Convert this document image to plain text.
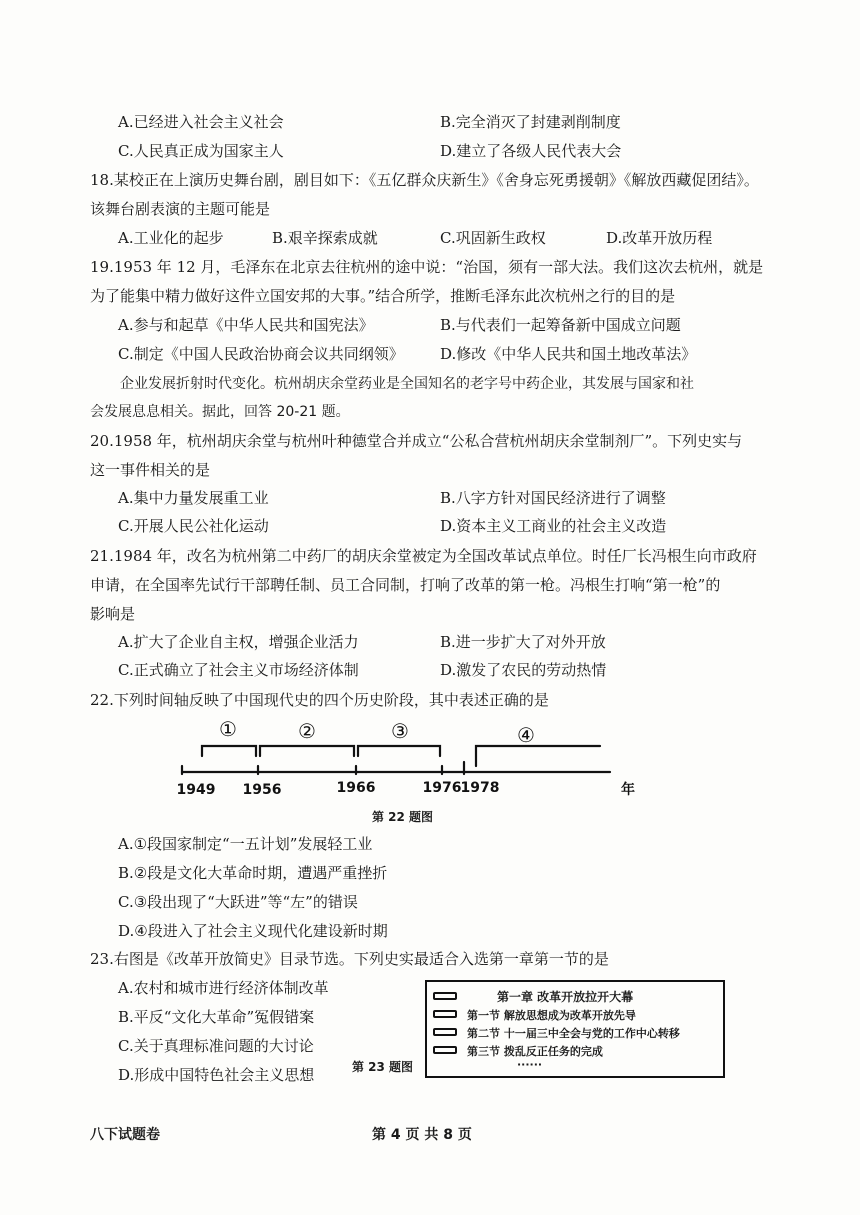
A.已经进入社会主义社会	B.完全消灭了封建剥削制度
C.人民真正成为国家主人	D.建立了各级人民代表大会
18.某校正在上演历史舞台剧，剧目如下：《五亿群众庆新生》《舍身忘死勇援朝》《解放西藏促团结》。
该舞台剧表演的主题可能是
A.工业化的起步	B.艰辛探索成就	C.巩固新生政权	D.改革开放历程
19.1953 年 12 月，毛泽东在北京去往杭州的途中说：“治国，须有一部大法。我们这次去杭州，就是
为了能集中精力做好这件立国安邦的大事。”结合所学，推断毛泽东此次杭州之行的目的是
A.参与和起草《中华人民共和国宪法》	B.与代表们一起筹备新中国成立问题
C.制定《中国人民政治协商会议共同纲领》 D.修改《中华人民共和国土地改革法》
企业发展折射时代变化。杭州胡庆余堂药业是全国知名的老字号中药企业，其发展与国家和社
会发展息息相关。据此，回答 20-21 题。
20.1958 年，杭州胡庆余堂与杭州叶种德堂合并成立“公私合营杭州胡庆余堂制剂厂”。下列史实与
这一事件相关的是
A.集中力量发展重工业	B.八字方针对国民经济进行了调整
C.开展人民公社化运动	D.资本主义工商业的社会主义改造
21.1984 年，改名为杭州第二中药厂的胡庆余堂被定为全国改革试点单位。时任厂长冯根生向市政府
申请，在全国率先试行干部聘任制、员工合同制，打响了改革的第一枪。冯根生打响“第一枪”的
影响是
A.扩大了企业自主权，增强企业活力	B.进一步扩大了对外开放
C.正式确立了社会主义市场经济体制	D.激发了农民的劳动热情
22.下列时间轴反映了中国现代史的四个历史阶段，其中表述正确的是
①	②	③	④
1949 1956	1966	1976 1978	年
第 22 题图
A.①段国家制定“一五计划”发展轻工业
B.②段是文化大革命时期，遭遇严重挫折
C.③段出现了“大跃进”等“左”的错误
D.④段进入了社会主义现代化建设新时期
23.右图是《改革开放简史》目录节选。下列史实最适合入选第一章第一节的是
A.农村和城市进行经济体制改革
B.平反“文化大革命”冤假错案
C.关于真理标准问题的大讨论
D.形成中国特色社会主义思想	第 23 题图
第一章 改革开放拉开大幕
第一节 解放思想成为改革开放先导
第二节 十一届三中全会与党的工作中心转移
第三节 拨乱反正任务的完成
······
八下试题卷	第 4 页 共 8 页
